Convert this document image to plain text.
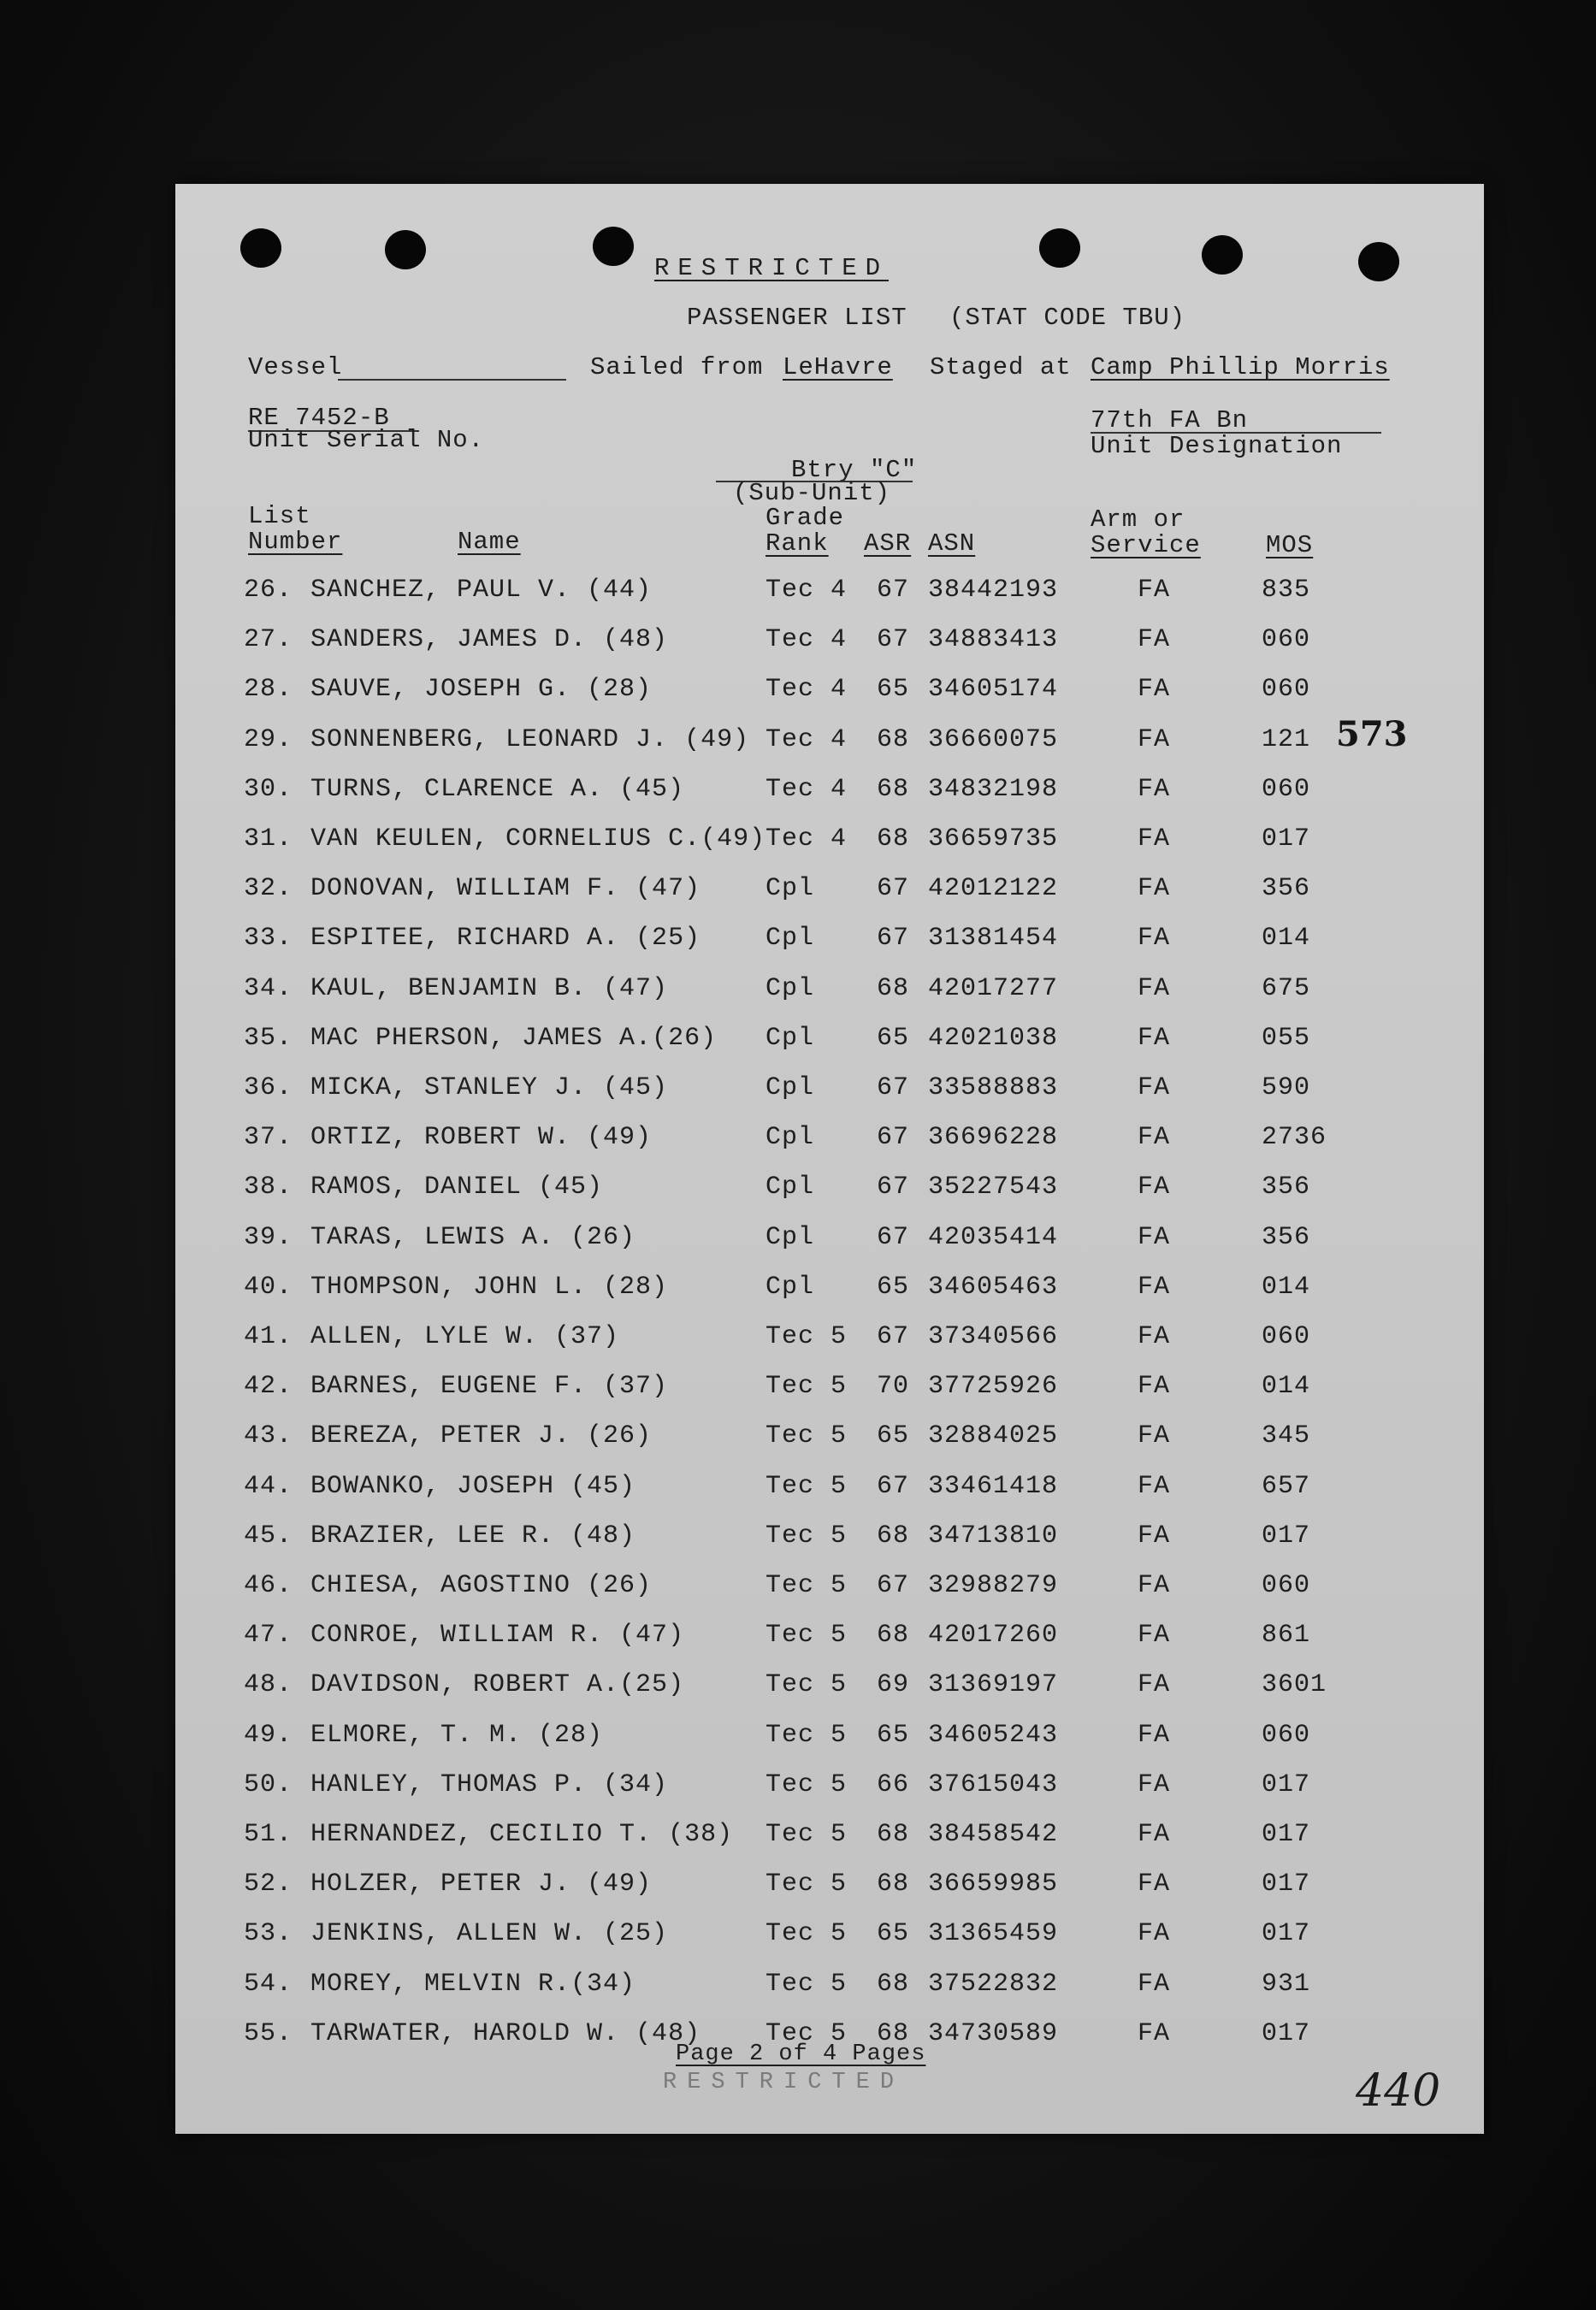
RESTRICTED
PASSENGER LIST (STAT CODE TBU)
Vessel	Sailed from LeHavre Staged at Camp Phillip Morris
RE 7452-B
Unit Serial No.
77th FA Bn
Unit Designation
Btry "C"
(Sub-Unit)
List
Number	Name
Grade
Rank ASR ASN
Arm or
Service	MOS
26. SANCHEZ, PAUL V. (44)	Tec 4 67 38442193	FA	835
27. SANDERS, JAMES D. (48)	Tec 4 67 34883413	FA	060
28. SAUVE, JOSEPH G. (28)	Tec 4 65 34605174	FA	060
29. SONNENBERG, LEONARD J. (49) Tec 4 68 36660075	FA	121
30. TURNS, CLARENCE A. (45)	Tec 4 68 34832198	FA	060
31. VAN KEULEN, CORNELIUS C.(49) Tec 4 68 36659735	FA	017
32. DONOVAN, WILLIAM F. (47)	Cpl 67 42012122	FA	356
33. ESPITEE, RICHARD A. (25)	Cpl 67 31381454	FA	014
34. KAUL, BENJAMIN B. (47)	Cpl 68 42017277	FA	675
35. MAC PHERSON, JAMES A.(26) Cpl 65 42021038	FA	055
36. MICKA, STANLEY J. (45)	Cpl 67 33588883	FA	590
37. ORTIZ, ROBERT W. (49)	Cpl 67 36696228	FA	2736
38. RAMOS, DANIEL (45)	Cpl 67 35227543	FA	356
39. TARAS, LEWIS A. (26)	Cpl 67 42035414	FA	356
40. THOMPSON, JOHN L. (28)	Cpl 65 34605463	FA	014
41. ALLEN, LYLE W. (37)	Tec 5 67 37340566	FA	060
42. BARNES, EUGENE F. (37)	Tec 5 70 37725926	FA	014
43. BEREZA, PETER J. (26)	Tec 5 65 32884025	FA	345
44. BOWANKO, JOSEPH (45)	Tec 5 67 33461418	FA	657
45. BRAZIER, LEE R. (48)	Tec 5 68 34713810	FA	017
46. CHIESA, AGOSTINO (26)	Tec 5 67 32988279	FA	060
47. CONROE, WILLIAM R. (47)	Tec 5 68 42017260	FA	861
48. DAVIDSON, ROBERT A.(25)	Tec 5 69 31369197	FA	3601
49. ELMORE, T. M. (28)	Tec 5 65 34605243	FA	060
50. HANLEY, THOMAS P. (34)	Tec 5 66 37615043	FA	017
51. HERNANDEZ, CECILIO T. (38) Tec 5 68 38458542	FA	017
52. HOLZER, PETER J. (49)	Tec 5 68 36659985	FA	017
53. JENKINS, ALLEN W. (25)	Tec 5 65 31365459	FA	017
54. MOREY, MELVIN R.(34)	Tec 5 68 37522832	FA	931
55. TARWATER, HAROLD W. (48)	Tec 5 68 34730589	FA	017
573
440
Page 2 of 4 Pages
RESTRICTED
